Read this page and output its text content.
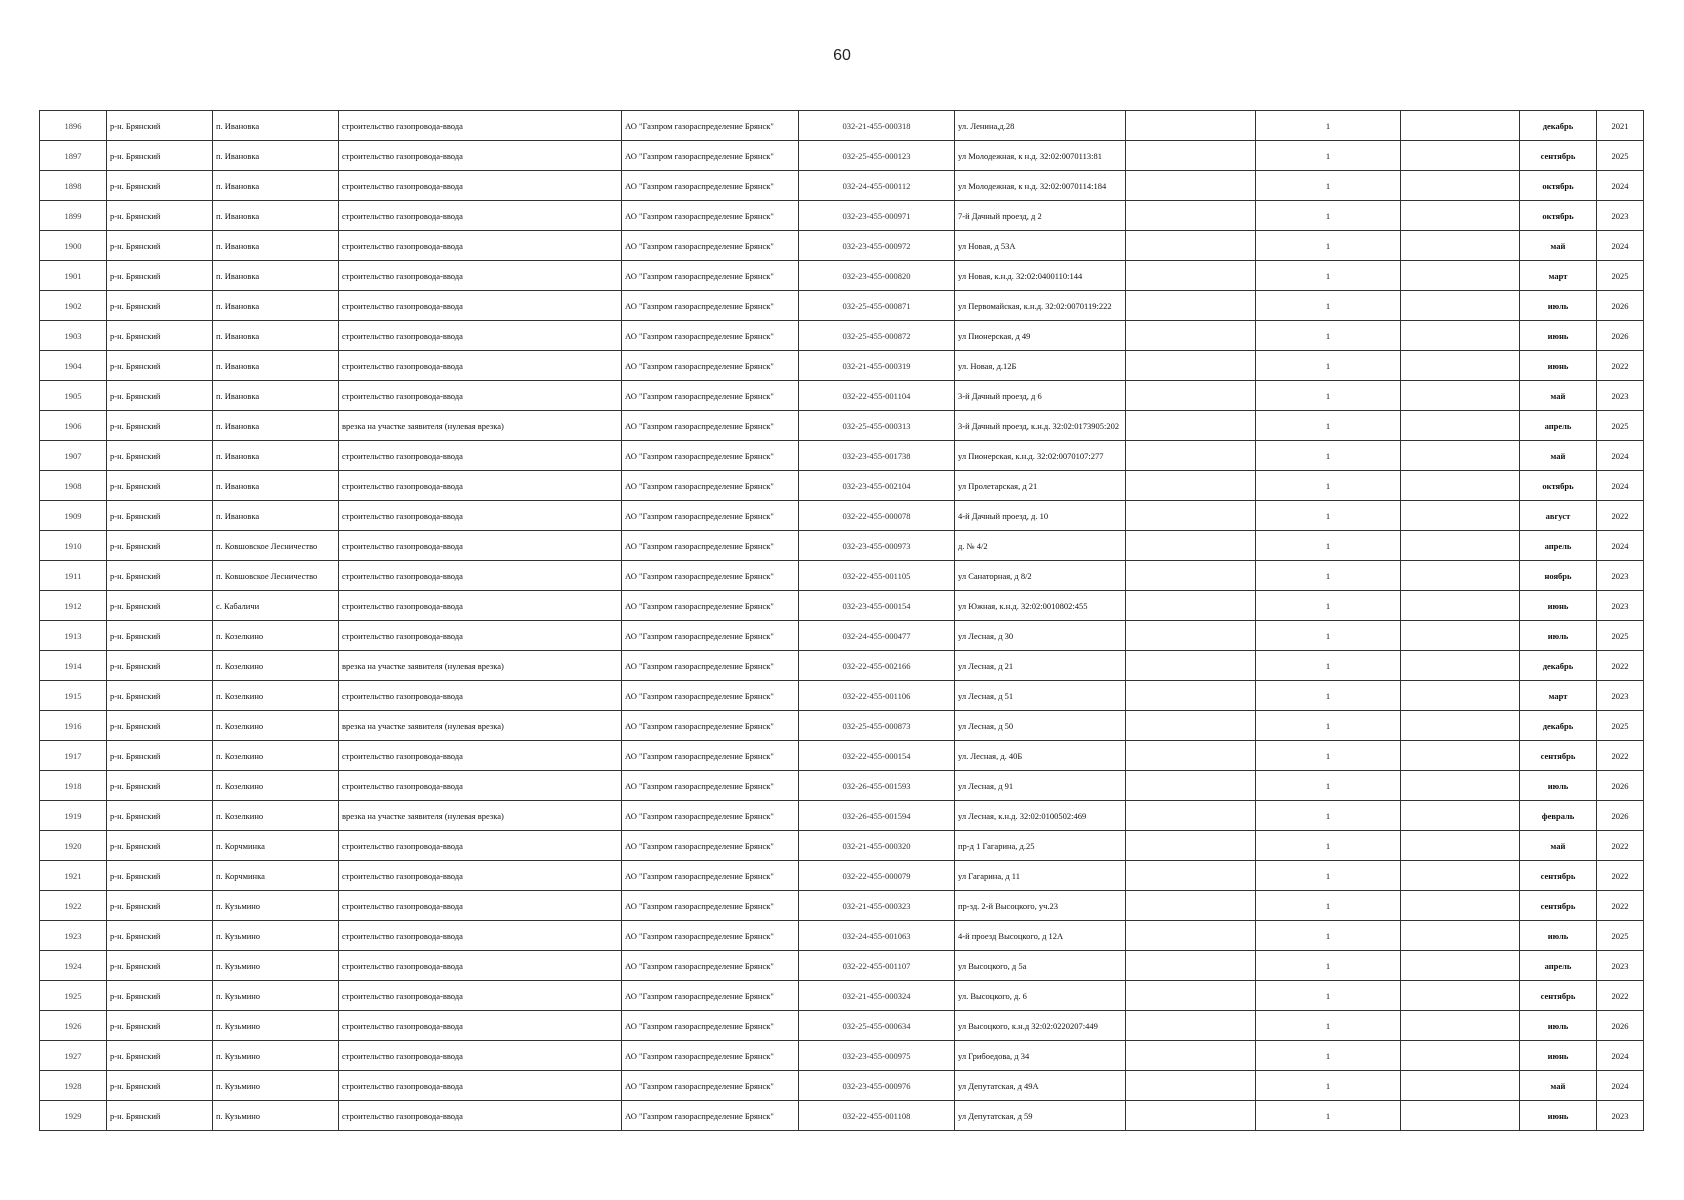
60
1896	р-н. Брянский	п. Ивановка	строительство газопровода-ввода	АО "Газпром газораспределение Брянск"	032-21-455-000318	ул. Ленина,д.28		1		декабрь	2021
1897	р-н. Брянский	п. Ивановка	строительство газопровода-ввода	АО "Газпром газораспределение Брянск"	032-25-455-000123	ул Молодежная, к н.д. 32:02:0070113:81		1		сентябрь	2025
1898	р-н. Брянский	п. Ивановка	строительство газопровода-ввода	АО "Газпром газораспределение Брянск"	032-24-455-000112	ул Молодежная, к н.д. 32:02:0070114:184		1		октябрь	2024
1899	р-н. Брянский	п. Ивановка	строительство газопровода-ввода	АО "Газпром газораспределение Брянск"	032-23-455-000971	7-й Дачный проезд, д 2		1		октябрь	2023
1900	р-н. Брянский	п. Ивановка	строительство газопровода-ввода	АО "Газпром газораспределение Брянск"	032-23-455-000972	ул Новая, д 53А		1		май	2024
1901	р-н. Брянский	п. Ивановка	строительство газопровода-ввода	АО "Газпром газораспределение Брянск"	032-23-455-000820	ул Новая, к.н.д. 32:02:0400110:144		1		март	2025
1902	р-н. Брянский	п. Ивановка	строительство газопровода-ввода	АО "Газпром газораспределение Брянск"	032-25-455-000871	ул Первомайская, к.н.д. 32:02:0070119:222		1		июль	2026
1903	р-н. Брянский	п. Ивановка	строительство газопровода-ввода	АО "Газпром газораспределение Брянск"	032-25-455-000872	ул Пионерская, д 49		1		июнь	2026
1904	р-н. Брянский	п. Ивановка	строительство газопровода-ввода	АО "Газпром газораспределение Брянск"	032-21-455-000319	ул. Новая, д.12Б		1		июнь	2022
1905	р-н. Брянский	п. Ивановка	строительство газопровода-ввода	АО "Газпром газораспределение Брянск"	032-22-455-001104	3-й Дачный проезд, д 6		1		май	2023
1906	р-н. Брянский	п. Ивановка	врезка на участке заявителя (нулевая врезка)	АО "Газпром газораспределение Брянск"	032-25-455-000313	3-й Дачный проезд, к.н.д. 32:02:0173905:202		1		апрель	2025
1907	р-н. Брянский	п. Ивановка	строительство газопровода-ввода	АО "Газпром газораспределение Брянск"	032-23-455-001738	ул Пионерская, к.н.д. 32:02:0070107:277		1		май	2024
1908	р-н. Брянский	п. Ивановка	строительство газопровода-ввода	АО "Газпром газораспределение Брянск"	032-23-455-002104	ул Пролетарская, д 21		1		октябрь	2024
1909	р-н. Брянский	п. Ивановка	строительство газопровода-ввода	АО "Газпром газораспределение Брянск"	032-22-455-000078	4-й Дачный проезд, д. 10		1		август	2022
1910	р-н. Брянский	п. Ковшовское Лесничество	строительство газопровода-ввода	АО "Газпром газораспределение Брянск"	032-23-455-000973	д. № 4/2		1		апрель	2024
1911	р-н. Брянский	п. Ковшовское Лесничество	строительство газопровода-ввода	АО "Газпром газораспределение Брянск"	032-22-455-001105	ул Санаторная, д 8/2		1		ноябрь	2023
1912	р-н. Брянский	с. Кабаличи	строительство газопровода-ввода	АО "Газпром газораспределение Брянск"	032-23-455-000154	ул Южная, к.н.д. 32:02:0010802:455		1		июнь	2023
1913	р-н. Брянский	п. Козелкино	строительство газопровода-ввода	АО "Газпром газораспределение Брянск"	032-24-455-000477	ул Лесная, д 30		1		июль	2025
1914	р-н. Брянский	п. Козелкино	врезка на участке заявителя (нулевая врезка)	АО "Газпром газораспределение Брянск"	032-22-455-002166	ул Лесная, д 21		1		декабрь	2022
1915	р-н. Брянский	п. Козелкино	строительство газопровода-ввода	АО "Газпром газораспределение Брянск"	032-22-455-001106	ул Лесная, д 51		1		март	2023
1916	р-н. Брянский	п. Козелкино	врезка на участке заявителя (нулевая врезка)	АО "Газпром газораспределение Брянск"	032-25-455-000873	ул Лесная, д 50		1		декабрь	2025
1917	р-н. Брянский	п. Козелкино	строительство газопровода-ввода	АО "Газпром газораспределение Брянск"	032-22-455-000154	ул. Лесная, д. 40Б		1		сентябрь	2022
1918	р-н. Брянский	п. Козелкино	строительство газопровода-ввода	АО "Газпром газораспределение Брянск"	032-26-455-001593	ул Лесная, д 91		1		июль	2026
1919	р-н. Брянский	п. Козелкино	врезка на участке заявителя (нулевая врезка)	АО "Газпром газораспределение Брянск"	032-26-455-001594	ул Лесная, к.н.д. 32:02:0100502:469		1		февраль	2026
1920	р-н. Брянский	п. Корчминка	строительство газопровода-ввода	АО "Газпром газораспределение Брянск"	032-21-455-000320	пр-д 1 Гагарина, д.25		1		май	2022
1921	р-н. Брянский	п. Корчминка	строительство газопровода-ввода	АО "Газпром газораспределение Брянск"	032-22-455-000079	ул Гагарина, д 11		1		сентябрь	2022
1922	р-н. Брянский	п. Кузьмино	строительство газопровода-ввода	АО "Газпром газораспределение Брянск"	032-21-455-000323	пр-зд. 2-й Высоцкого, уч.23		1		сентябрь	2022
1923	р-н. Брянский	п. Кузьмино	строительство газопровода-ввода	АО "Газпром газораспределение Брянск"	032-24-455-001063	4-й проезд Высоцкого, д 12А		1		июль	2025
1924	р-н. Брянский	п. Кузьмино	строительство газопровода-ввода	АО "Газпром газораспределение Брянск"	032-22-455-001107	ул Высоцкого, д 5а		1		апрель	2023
1925	р-н. Брянский	п. Кузьмино	строительство газопровода-ввода	АО "Газпром газораспределение Брянск"	032-21-455-000324	ул. Высоцкого, д. 6		1		сентябрь	2022
1926	р-н. Брянский	п. Кузьмино	строительство газопровода-ввода	АО "Газпром газораспределение Брянск"	032-25-455-000634	ул Высоцкого, к.н.д 32:02:0220207:449		1		июль	2026
1927	р-н. Брянский	п. Кузьмино	строительство газопровода-ввода	АО "Газпром газораспределение Брянск"	032-23-455-000975	ул Грибоедова, д 34		1		июнь	2024
1928	р-н. Брянский	п. Кузьмино	строительство газопровода-ввода	АО "Газпром газораспределение Брянск"	032-23-455-000976	ул Депутатская, д 49А		1		май	2024
1929	р-н. Брянский	п. Кузьмино	строительство газопровода-ввода	АО "Газпром газораспределение Брянск"	032-22-455-001108	ул Депутатская, д 59		1		июнь	2023
